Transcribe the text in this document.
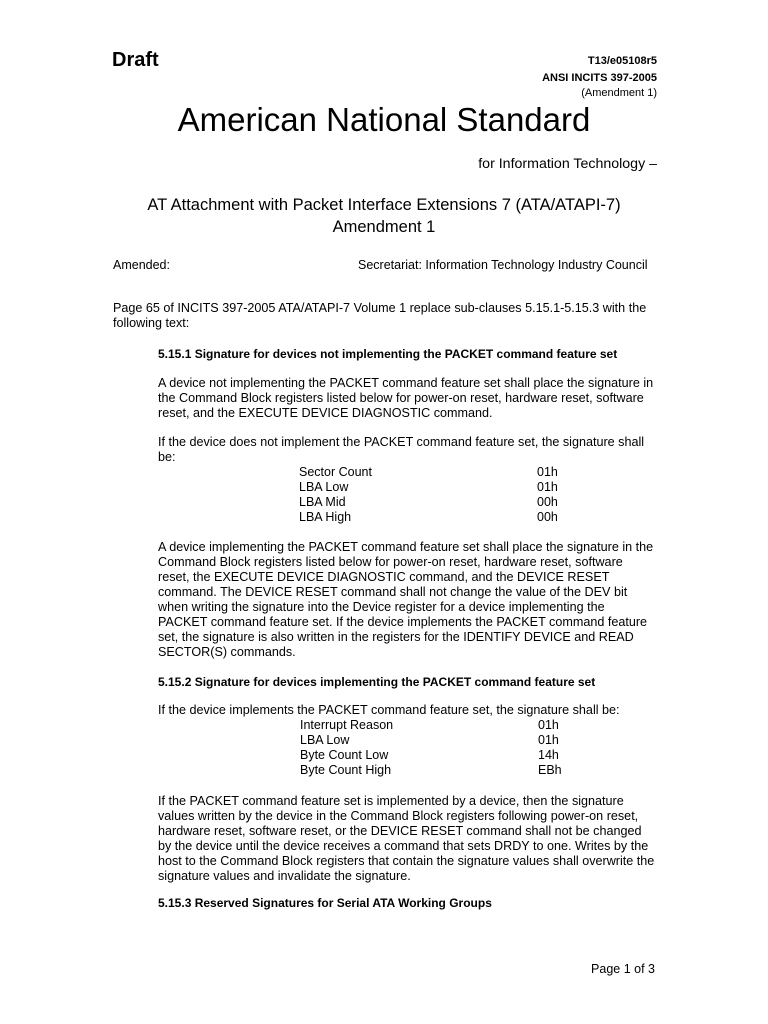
Draft	T13/e05108r5
ANSI INCITS 397-2005
(Amendment 1)
American National Standard
for Information Technology –
AT Attachment with Packet Interface Extensions 7 (ATA/ATAPI-7)
Amendment 1
Amended:	Secretariat: Information Technology Industry Council
Page 65 of INCITS 397-2005 ATA/ATAPI-7 Volume 1 replace sub-clauses 5.15.1-5.15.3 with the
following text:
5.15.1 Signature for devices not implementing the PACKET command feature set
A device not implementing the PACKET command feature set shall place the signature in
the Command Block registers listed below for power-on reset, hardware reset, software
reset, and the EXECUTE DEVICE DIAGNOSTIC command.
If the device does not implement the PACKET command feature set, the signature shall
be:
Sector Count	01h
LBA Low	01h
LBA Mid	00h
LBA High	00h
A device implementing the PACKET command feature set shall place the signature in the
Command Block registers listed below for power-on reset, hardware reset, software
reset, the EXECUTE DEVICE DIAGNOSTIC command, and the DEVICE RESET
command. The DEVICE RESET command shall not change the value of the DEV bit
when writing the signature into the Device register for a device implementing the
PACKET command feature set. If the device implements the PACKET command feature
set, the signature is also written in the registers for the IDENTIFY DEVICE and READ
SECTOR(S) commands.
5.15.2 Signature for devices implementing the PACKET command feature set
If the device implements the PACKET command feature set, the signature shall be:
Interrupt Reason	01h
LBA Low	01h
Byte Count Low	14h
Byte Count High	EBh
If the PACKET command feature set is implemented by a device, then the signature
values written by the device in the Command Block registers following power-on reset,
hardware reset, software reset, or the DEVICE RESET command shall not be changed
by the device until the device receives a command that sets DRDY to one. Writes by the
host to the Command Block registers that contain the signature values shall overwrite the
signature values and invalidate the signature.
5.15.3 Reserved Signatures for Serial ATA Working Groups
Page 1 of 3
